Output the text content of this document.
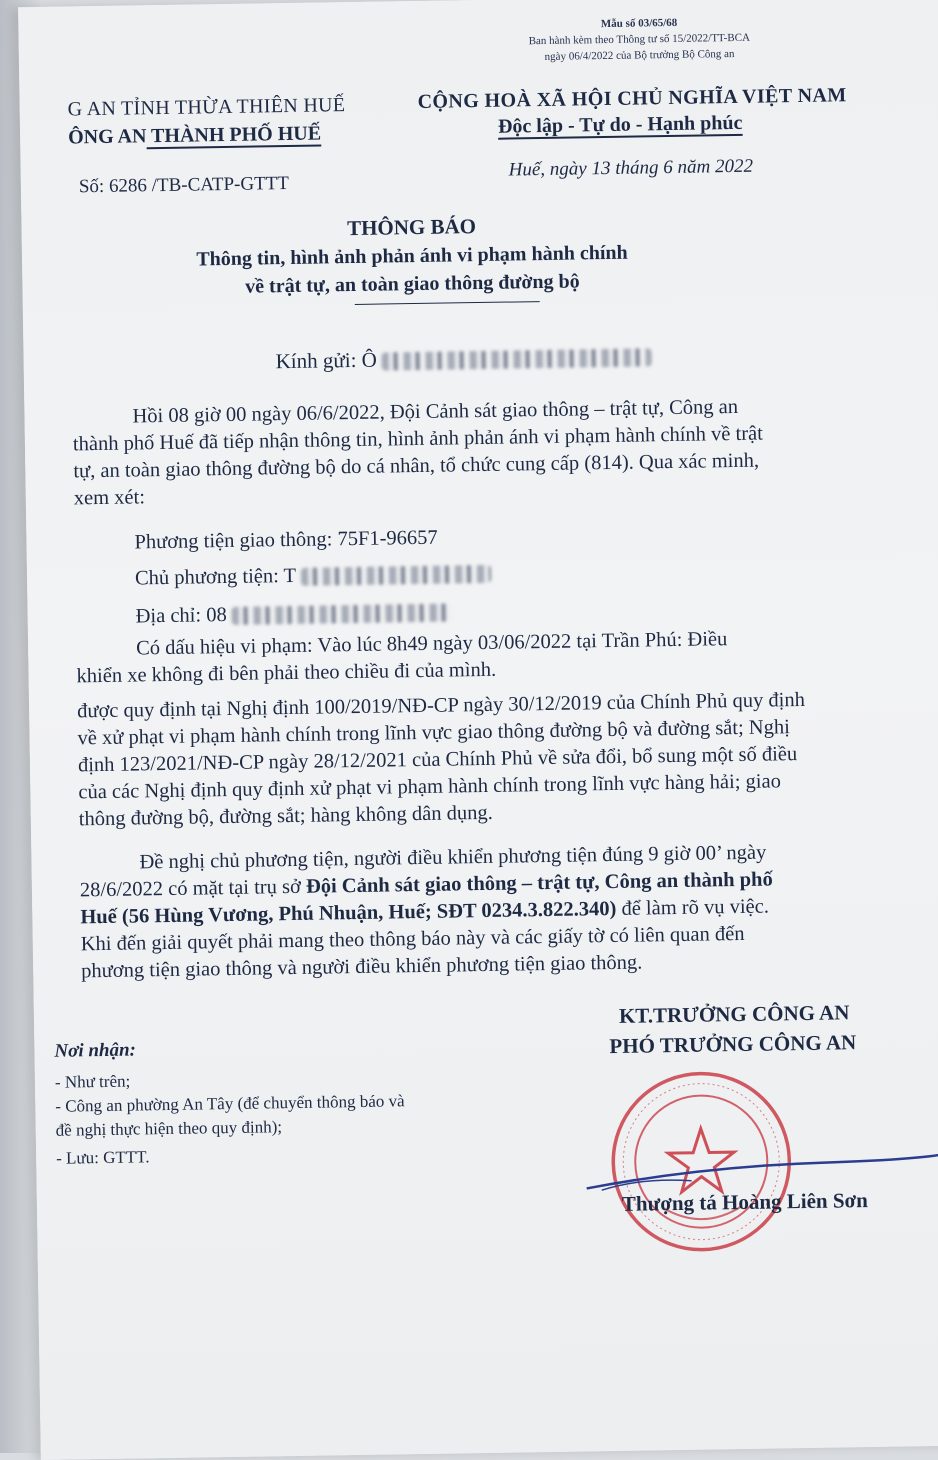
Mẫu số 03/65/68
Ban hành kèm theo Thông tư số 15/2022/TT-BCA
ngày 06/4/2022 của Bộ trưởng Bộ Công an
G AN TỈNH THỪA THIÊN HUẾ
ÔNG AN THÀNH PHỐ HUẾ
CỘNG HOÀ XÃ HỘI CHỦ NGHĨA VIỆT NAM
Độc lập - Tự do - Hạnh phúc
Số: 6286 /TB-CATP-GTTT
Huế, ngày 13 tháng 6 năm 2022
THÔNG BÁO
Thông tin, hình ảnh phản ánh vi phạm hành chính
về trật tự, an toàn giao thông đường bộ
Kính gửi: Ô
Hồi 08 giờ 00 ngày 06/6/2022, Đội Cảnh sát giao thông – trật tự, Công an
thành phố Huế đã tiếp nhận thông tin, hình ảnh phản ánh vi phạm hành chính về trật
tự, an toàn giao thông đường bộ do cá nhân, tổ chức cung cấp (814). Qua xác minh,
xem xét:
Phương tiện giao thông: 75F1-96657
Chủ phương tiện: T
Địa chỉ: 08
Có dấu hiệu vi phạm: Vào lúc 8h49 ngày 03/06/2022 tại Trần Phú: Điều
khiển xe không đi bên phải theo chiều đi của mình.
được quy định tại Nghị định 100/2019/NĐ-CP ngày 30/12/2019 của Chính Phủ quy định
về xử phạt vi phạm hành chính trong lĩnh vực giao thông đường bộ và đường sắt; Nghị
định 123/2021/NĐ-CP ngày 28/12/2021 của Chính Phủ về sửa đổi, bổ sung một số điều
của các Nghị định quy định xử phạt vi phạm hành chính trong lĩnh vực hàng hải; giao
thông đường bộ, đường sắt; hàng không dân dụng.
Đề nghị chủ phương tiện, người điều khiển phương tiện đúng 9 giờ 00’ ngày
28/6/2022 có mặt tại trụ sở Đội Cảnh sát giao thông – trật tự, Công an thành phố
Huế (56 Hùng Vương, Phú Nhuận, Huế; SĐT 0234.3.822.340) để làm rõ vụ việc.
Khi đến giải quyết phải mang theo thông báo này và các giấy tờ có liên quan đến
phương tiện giao thông và người điều khiển phương tiện giao thông.
KT.TRƯỞNG CÔNG AN
PHÓ TRƯỞNG CÔNG AN
Thượng tá Hoàng Liên Sơn
Nơi nhận:
- Như trên;
- Công an phường An Tây (để chuyển thông báo và
đề nghị thực hiện theo quy định);
- Lưu: GTTT.
